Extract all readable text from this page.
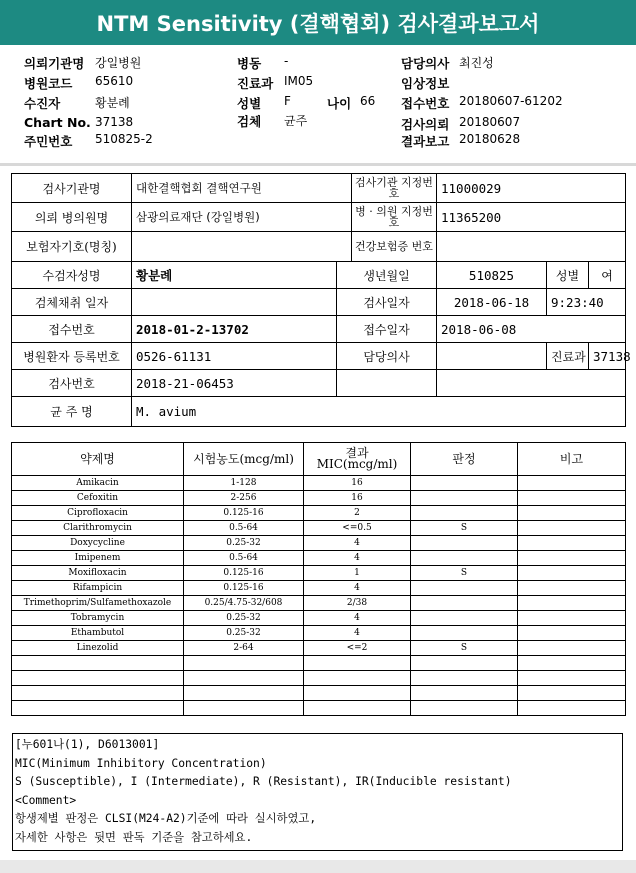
NTM Sensitivity (결핵협회) 검사결과보고서
의뢰기관명 강일병원
병원코드 65610
수진자	황분례
Chart No. 37138
주민번호 510825-2
병동 -
진료과 IM05
성별 F
검체 균주
나이 66
담당의사 최진성
임상정보
접수번호 20180607-61202
검사의뢰 20180607
결과보고 20180628
검사기관명	대한결핵협회 결핵연구원		검사기관 지정번호	11000029		
의뢰 병의원명	삼광의료재단 (강일병원)		병 · 의원 지정번호	11365200		
보험자기호(명칭)			건강보험증 번호			
수검자성명	황분례	생년월일		510825	성별	여
검체채취 일자		검사일자		2018-06-18	9:23:40	
접수번호	2018-01-2-13702	접수일자		2018-06-08		
병원환자 등록번호	0526-61131	담당의사			진료과	37138
검사번호	2018-21-06453					
균 주 명	M. avium					
약제명	시험농도(mcg/ml)	결과 MIC(mcg/ml)	판정	비고
Amikacin	1-128	16		
Cefoxitin	2-256	16		
Ciprofloxacin	0.125-16	2		
Clarithromycin	0.5-64	<=0.5	S	
Doxycycline	0.25-32	4		
Imipenem	0.5-64	4		
Moxifloxacin	0.125-16	1	S	
Rifampicin	0.125-16	4		
Trimethoprim/Sulfamethoxazole	0.25/4.75-32/608	2/38		
Tobramycin	0.25-32	4		
Ethambutol	0.25-32	4		
Linezolid	2-64	<=2	S	

[누601나(1), D6013001]
MIC(Minimum Inhibitory Concentration)
S (Susceptible), I (Intermediate), R (Resistant), IR(Inducible resistant)
<Comment>
항생제별 판정은 CLSI(M24-A2)기준에 따라 실시하였고,
자세한 사항은 뒷면 판독 기준을 참고하세요.
